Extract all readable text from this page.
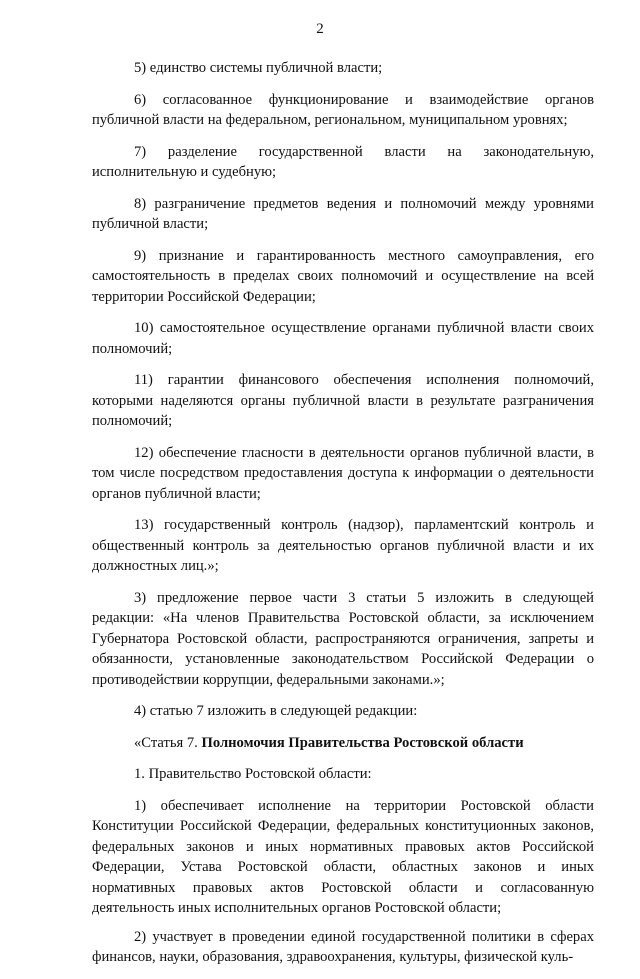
2

5) единство системы публичной власти;

6) согласованное функционирование и взаимодействие органов публичной власти на федеральном, региональном, муниципальном уровнях;

7) разделение государственной власти на законодательную, исполнительную и судебную;

8) разграничение предметов ведения и полномочий между уровнями публичной власти;

9) признание и гарантированность местного самоуправления, его самостоятельность в пределах своих полномочий и осуществление на всей территории Российской Федерации;

10) самостоятельное осуществление органами публичной власти своих полномочий;

11) гарантии финансового обеспечения исполнения полномочий, которыми наделяются органы публичной власти в результате разграничения полномочий;

12) обеспечение гласности в деятельности органов публичной власти, в том числе посредством предоставления доступа к информации о деятельности органов публичной власти;

13) государственный контроль (надзор), парламентский контроль и общественный контроль за деятельностью органов публичной власти и их должностных лиц.»;

3) предложение первое части 3 статьи 5 изложить в следующей редакции: «На членов Правительства Ростовской области, за исключением Губернатора Ростовской области, распространяются ограничения, запреты и обязанности, установленные законодательством Российской Федерации о противодействии коррупции, федеральными законами.»;

4) статью 7 изложить в следующей редакции:

«Статья 7. Полномочия Правительства Ростовской области

1. Правительство Ростовской области:

1) обеспечивает исполнение на территории Ростовской области Конституции Российской Федерации, федеральных конституционных законов, федеральных законов и иных нормативных правовых актов Российской Федерации, Устава Ростовской области, областных законов и иных нормативных правовых актов Ростовской области и согласованную деятельность иных исполнительных органов Ростовской области;

2) участвует в проведении единой государственной политики в сферах финансов, науки, образования, здравоохранения, культуры, физической куль-
